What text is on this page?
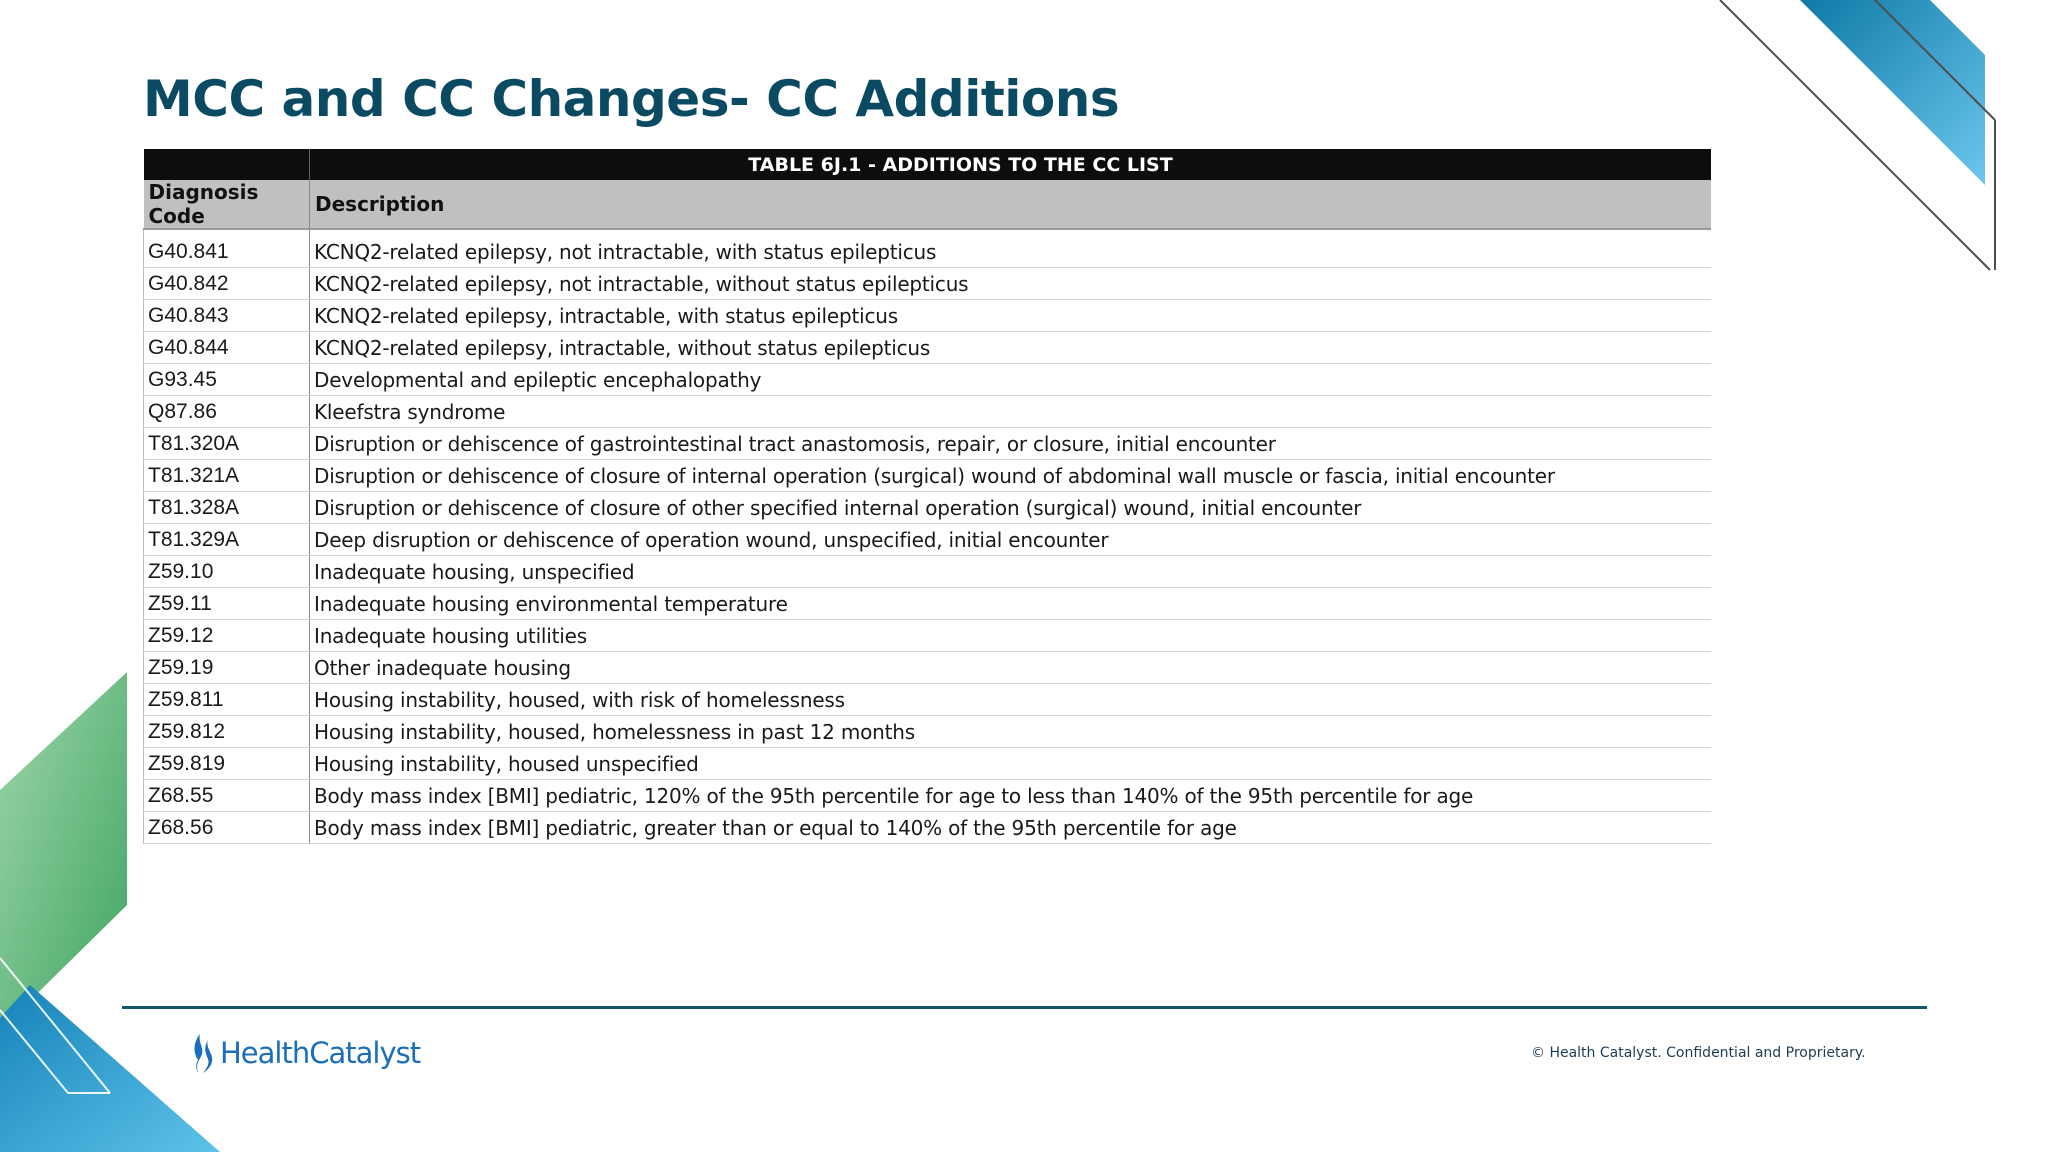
MCC and CC Changes- CC Additions
	TABLE 6J.1 - ADDITIONS TO THE CC LIST
Diagnosis Code	Description

G40.841	KCNQ2-related epilepsy, not intractable, with status epilepticus
G40.842	KCNQ2-related epilepsy, not intractable, without status epilepticus
G40.843	KCNQ2-related epilepsy, intractable, with status epilepticus
G40.844	KCNQ2-related epilepsy, intractable, without status epilepticus
G93.45	Developmental and epileptic encephalopathy
Q87.86	Kleefstra syndrome
T81.320A	Disruption or dehiscence of gastrointestinal tract anastomosis, repair, or closure, initial encounter
T81.321A	Disruption or dehiscence of closure of internal operation (surgical) wound of abdominal wall muscle or fascia, initial encounter
T81.328A	Disruption or dehiscence of closure of other specified internal operation (surgical) wound, initial encounter
T81.329A	Deep disruption or dehiscence of operation wound, unspecified, initial encounter
Z59.10	Inadequate housing, unspecified
Z59.11	Inadequate housing environmental temperature
Z59.12	Inadequate housing utilities
Z59.19	Other inadequate housing
Z59.811	Housing instability, housed, with risk of homelessness
Z59.812	Housing instability, housed, homelessness in past 12 months
Z59.819	Housing instability, housed unspecified
Z68.55	Body mass index [BMI] pediatric, 120% of the 95th percentile for age to less than 140% of the 95th percentile for age
Z68.56	Body mass index [BMI] pediatric, greater than or equal to 140% of the 95th percentile for age
HealthCatalyst	© Health Catalyst. Confidential and Proprietary.
